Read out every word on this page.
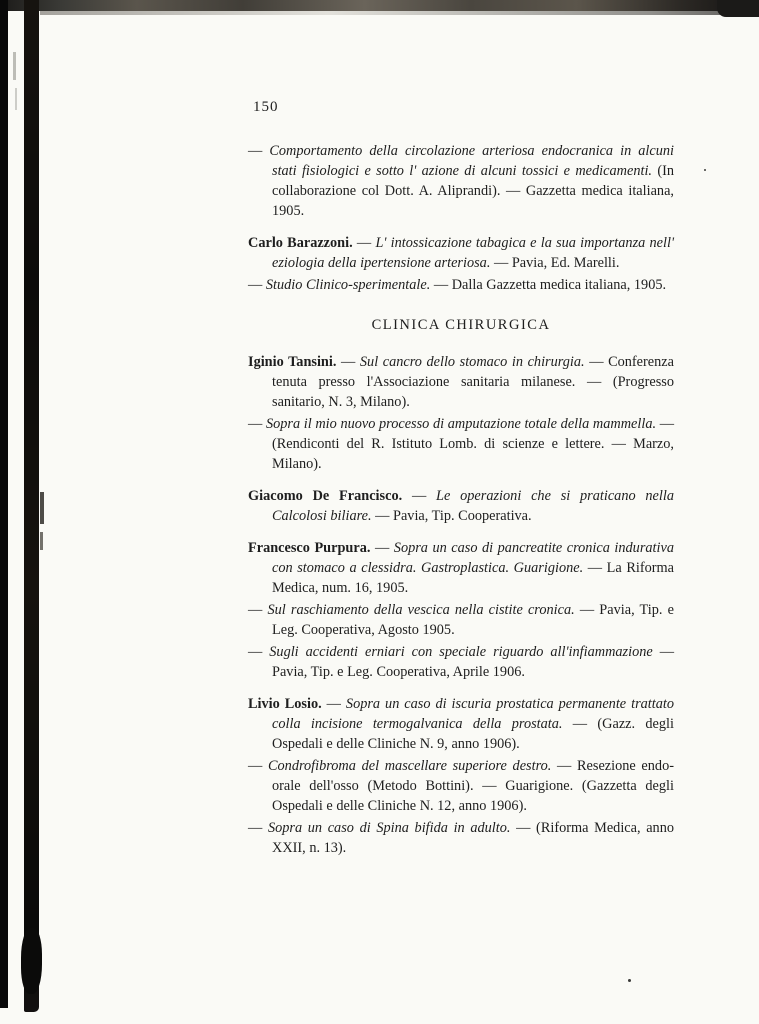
150

— Comportamento della circolazione arteriosa endocranica in alcuni stati fisiologici e sotto l' azione di alcuni tossici e medicamenti. (In collaborazione col Dott. A. Aliprandi). — Gazzetta medica italiana, 1905.

Carlo Barazzoni. — L' intossicazione tabagica e la sua importanza nell' eziologia della ipertensione arteriosa. — Pavia, Ed. Marelli.

— Studio Clinico-sperimentale. — Dalla Gazzetta medica italiana, 1905.

CLINICA CHIRURGICA

Iginio Tansini. — Sul cancro dello stomaco in chirurgia. — Conferenza tenuta presso l'Associazione sanitaria milanese. — (Progresso sanitario, N. 3, Milano).

— Sopra il mio nuovo processo di amputazione totale della mammella. — (Rendiconti del R. Istituto Lomb. di scienze e lettere. — Marzo, Milano).

Giacomo De Francisco. — Le operazioni che si praticano nella Calcolosi biliare. — Pavia, Tip. Cooperativa.

Francesco Purpura. — Sopra un caso di pancreatite cronica indurativa con stomaco a clessidra. Gastroplastica. Guarigione. — La Riforma Medica, num. 16, 1905.

— Sul raschiamento della vescica nella cistite cronica. — Pavia, Tip. e Leg. Cooperativa, Agosto 1905.

— Sugli accidenti erniari con speciale riguardo all'infiammazione — Pavia, Tip. e Leg. Cooperativa, Aprile 1906.

Livio Losio. — Sopra un caso di iscuria prostatica permanente trattato colla incisione termogalvanica della prostata. — (Gazz. degli Ospedali e delle Cliniche N. 9, anno 1906).

— Condrofibroma del mascellare superiore destro. — Resezione endo-orale dell'osso (Metodo Bottini). — Guarigione. (Gazzetta degli Ospedali e delle Cliniche N. 12, anno 1906).

— Sopra un caso di Spina bifida in adulto. — (Riforma Medica, anno XXII, n. 13).
